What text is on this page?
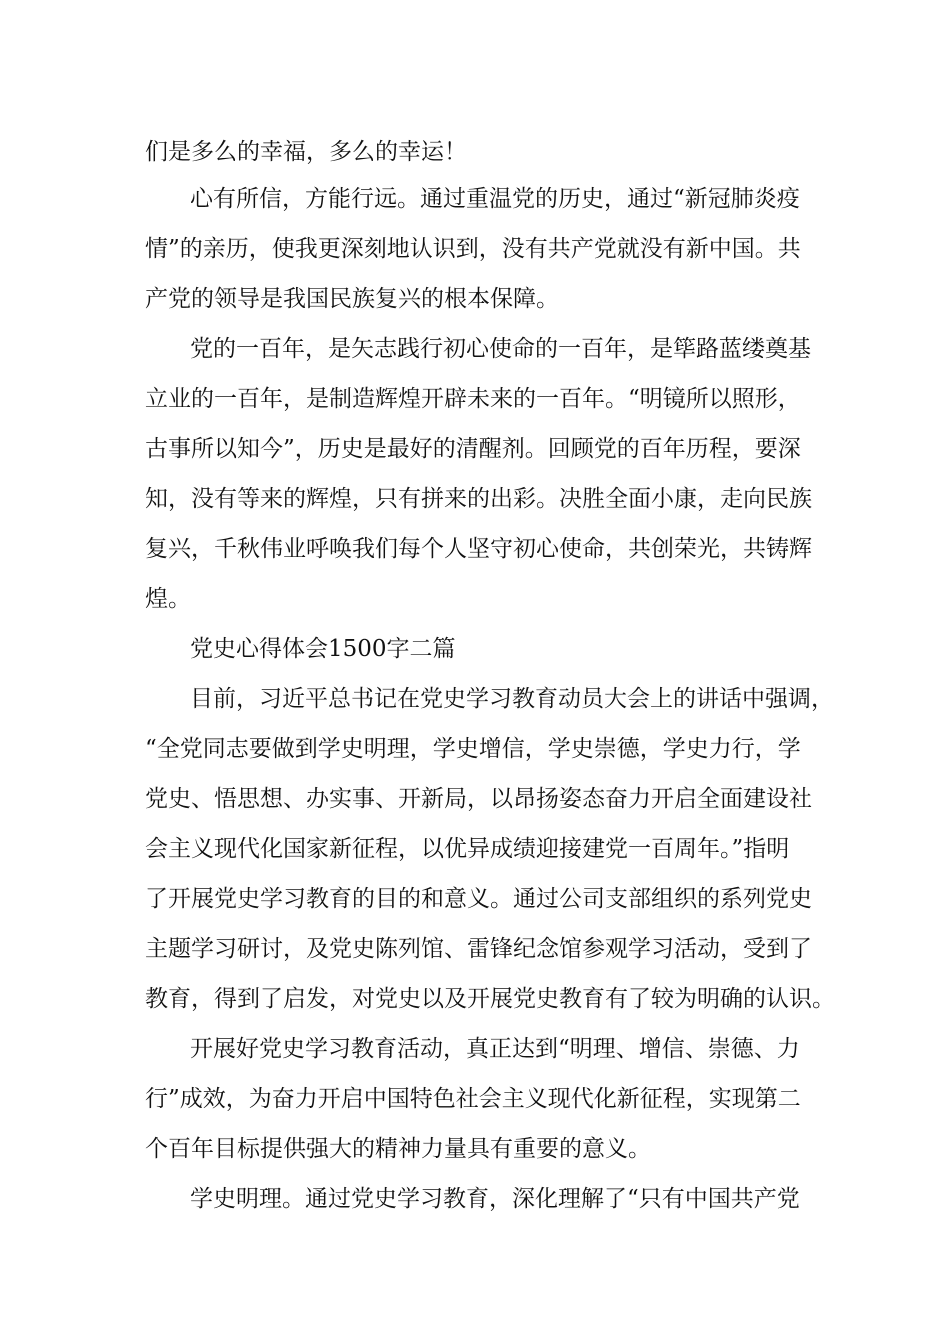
们是多么的幸福，多么的幸运！
心有所信，方能行远。通过重温党的历史，通过“新冠肺炎疫
情”的亲历，使我更深刻地认识到，没有共产党就没有新中国。共
产党的领导是我国民族复兴的根本保障。
党的一百年，是矢志践行初心使命的一百年，是筚路蓝缕奠基
立业的一百年，是制造辉煌开辟未来的一百年。“明镜所以照形，
古事所以知今”，历史是最好的清醒剂。回顾党的百年历程，要深
知，没有等来的辉煌，只有拼来的出彩。决胜全面小康，走向民族
复兴，千秋伟业呼唤我们每个人坚守初心使命，共创荣光，共铸辉
煌。
党史心得体会1500字二篇
目前，习近平总书记在党史学习教育动员大会上的讲话中强调，
“全党同志要做到学史明理，学史增信，学史崇德，学史力行，学
党史、悟思想、办实事、开新局，以昂扬姿态奋力开启全面建设社
会主义现代化国家新征程，以优异成绩迎接建党一百周年。”指明
了开展党史学习教育的目的和意义。通过公司支部组织的系列党史
主题学习研讨，及党史陈列馆、雷锋纪念馆参观学习活动，受到了
教育，得到了启发，对党史以及开展党史教育有了较为明确的认识。
开展好党史学习教育活动，真正达到“明理、增信、崇德、力
行”成效，为奋力开启中国特色社会主义现代化新征程，实现第二
个百年目标提供强大的精神力量具有重要的意义。
学史明理。通过党史学习教育，深化理解了“只有中国共产党
